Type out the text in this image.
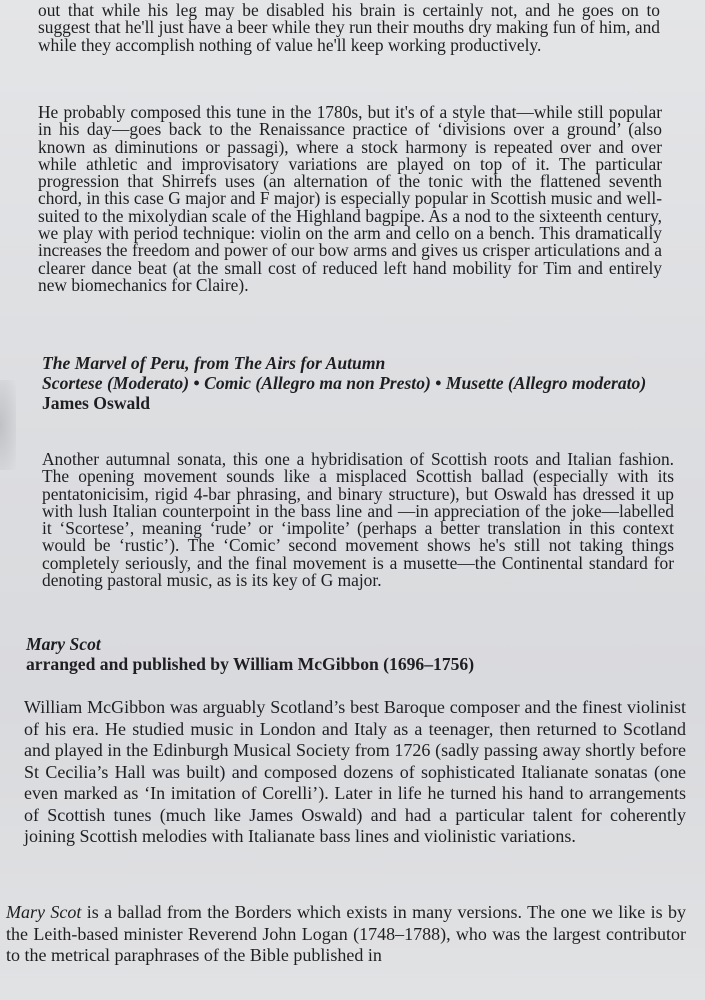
out that while his leg may be disabled his brain is certainly not, and he goes on to suggest that he'll just have a beer while they run their mouths dry making fun of him, and while they accomplish nothing of value he'll keep working productively.

He probably composed this tune in the 1780s, but it's of a style that—while still popular in his day—goes back to the Renaissance practice of ‘divisions over a ground’ (also known as diminutions or passagi), where a stock harmony is repeated over and over while athletic and improvisatory variations are played on top of it. The particular progression that Shirrefs uses (an alternation of the tonic with the flattened seventh chord, in this case G major and F major) is especially popular in Scottish music and well-suited to the mixolydian scale of the Highland bagpipe. As a nod to the sixteenth century, we play with period technique: violin on the arm and cello on a bench. This dramatically increases the freedom and power of our bow arms and gives us crisper articulations and a clearer dance beat (at the small cost of reduced left hand mobility for Tim and entirely new biomechanics for Claire).

The Marvel of Peru, from The Airs for Autumn
Scortese (Moderato) • Comic (Allegro ma non Presto) • Musette (Allegro moderato)
James Oswald

Another autumnal sonata, this one a hybridisation of Scottish roots and Italian fashion. The opening movement sounds like a misplaced Scottish ballad (especially with its pentatonicisim, rigid 4-bar phrasing, and binary structure), but Oswald has dressed it up with lush Italian counterpoint in the bass line and —in appreciation of the joke—labelled it ‘Scortese’, meaning ‘rude’ or ‘impolite’ (perhaps a better translation in this context would be ‘rustic’). The ‘Comic’ second movement shows he's still not taking things completely seriously, and the final movement is a musette—the Continental standard for denoting pastoral music, as is its key of G major.

Mary Scot
arranged and published by William McGibbon (1696–1756)

William McGibbon was arguably Scotland’s best Baroque composer and the finest violinist of his era. He studied music in London and Italy as a teenager, then returned to Scotland and played in the Edinburgh Musical Society from 1726 (sadly passing away shortly before St Cecilia’s Hall was built) and composed dozens of sophisticated Italianate sonatas (one even marked as ‘In imitation of Corelli’). Later in life he turned his hand to arrangements of Scottish tunes (much like James Oswald) and had a particular talent for coherently joining Scottish melodies with Italianate bass lines and violinistic variations.

Mary Scot is a ballad from the Borders which exists in many versions. The one we like is by the Leith-based minister Reverend John Logan (1748–1788), who was the largest contributor to the metrical paraphrases of the Bible published in
